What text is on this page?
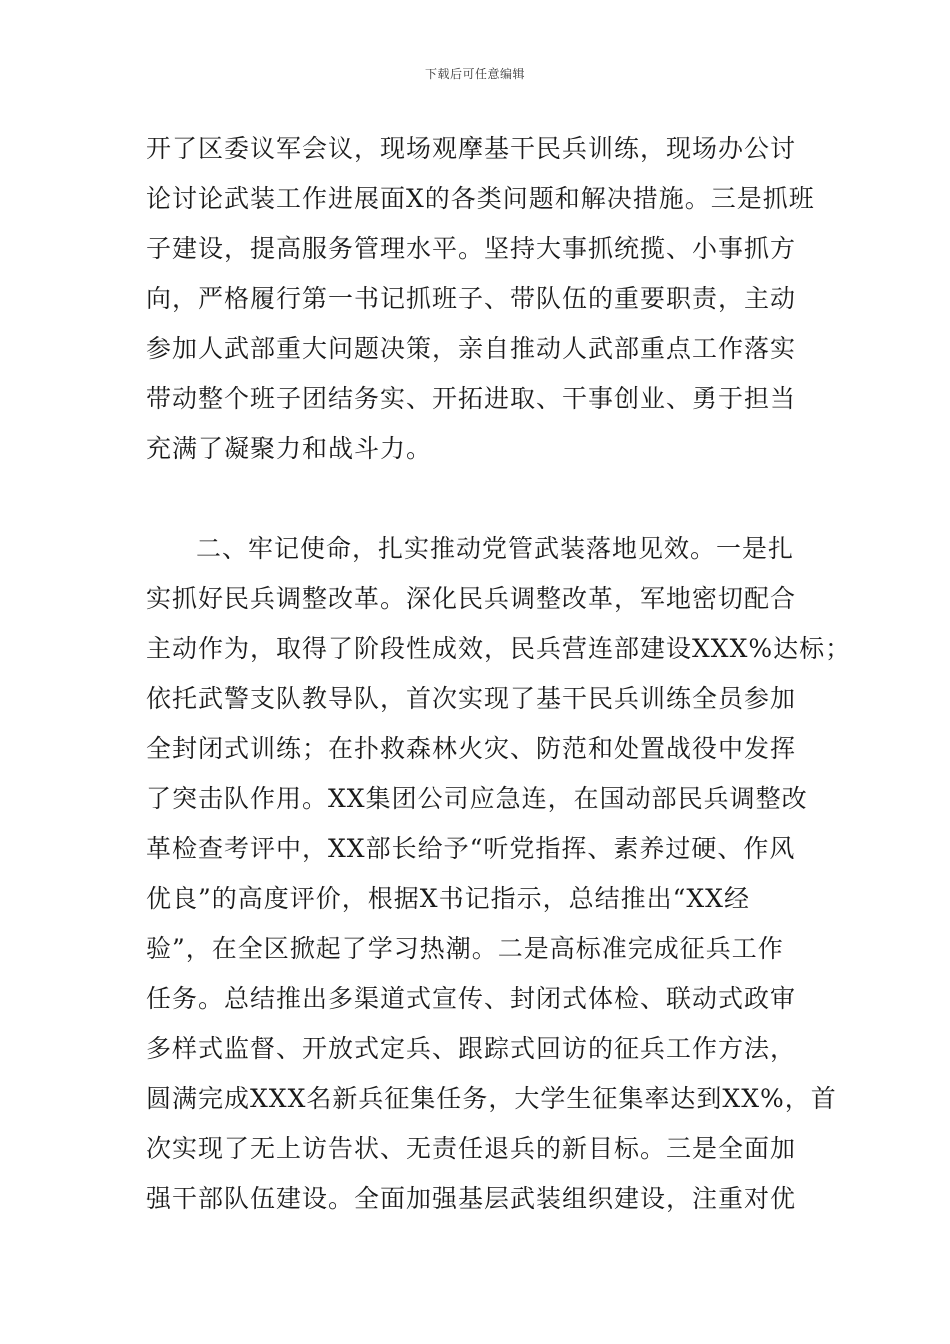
下载后可任意编辑
开了区委议军会议，现场观摩基干民兵训练，现场办公讨
论讨论武装工作进展面X的各类问题和解决措施。三是抓班
子建设，提高服务管理水平。坚持大事抓统揽、小事抓方
向，严格履行第一书记抓班子、带队伍的重要职责，主动
参加人武部重大问题决策，亲自推动人武部重点工作落实
带动整个班子团结务实、开拓进取、干事创业、勇于担当
充满了凝聚力和战斗力。
二、牢记使命，扎实推动党管武装落地见效。一是扎
实抓好民兵调整改革。深化民兵调整改革，军地密切配合
主动作为，取得了阶段性成效，民兵营连部建设XXX%达标；
依托武警支队教导队，首次实现了基干民兵训练全员参加
全封闭式训练；在扑救森林火灾、防范和处置战役中发挥
了突击队作用。XX集团公司应急连，在国动部民兵调整改
革检查考评中，XX部长给予“听党指挥、素养过硬、作风
优良”的高度评价，根据X书记指示，总结推出“XX经
验”，在全区掀起了学习热潮。二是高标准完成征兵工作
任务。总结推出多渠道式宣传、封闭式体检、联动式政审
多样式监督、开放式定兵、跟踪式回访的征兵工作方法，
圆满完成XXX名新兵征集任务，大学生征集率达到XX%，首
次实现了无上访告状、无责任退兵的新目标。三是全面加
强干部队伍建设。全面加强基层武装组织建设，注重对优
